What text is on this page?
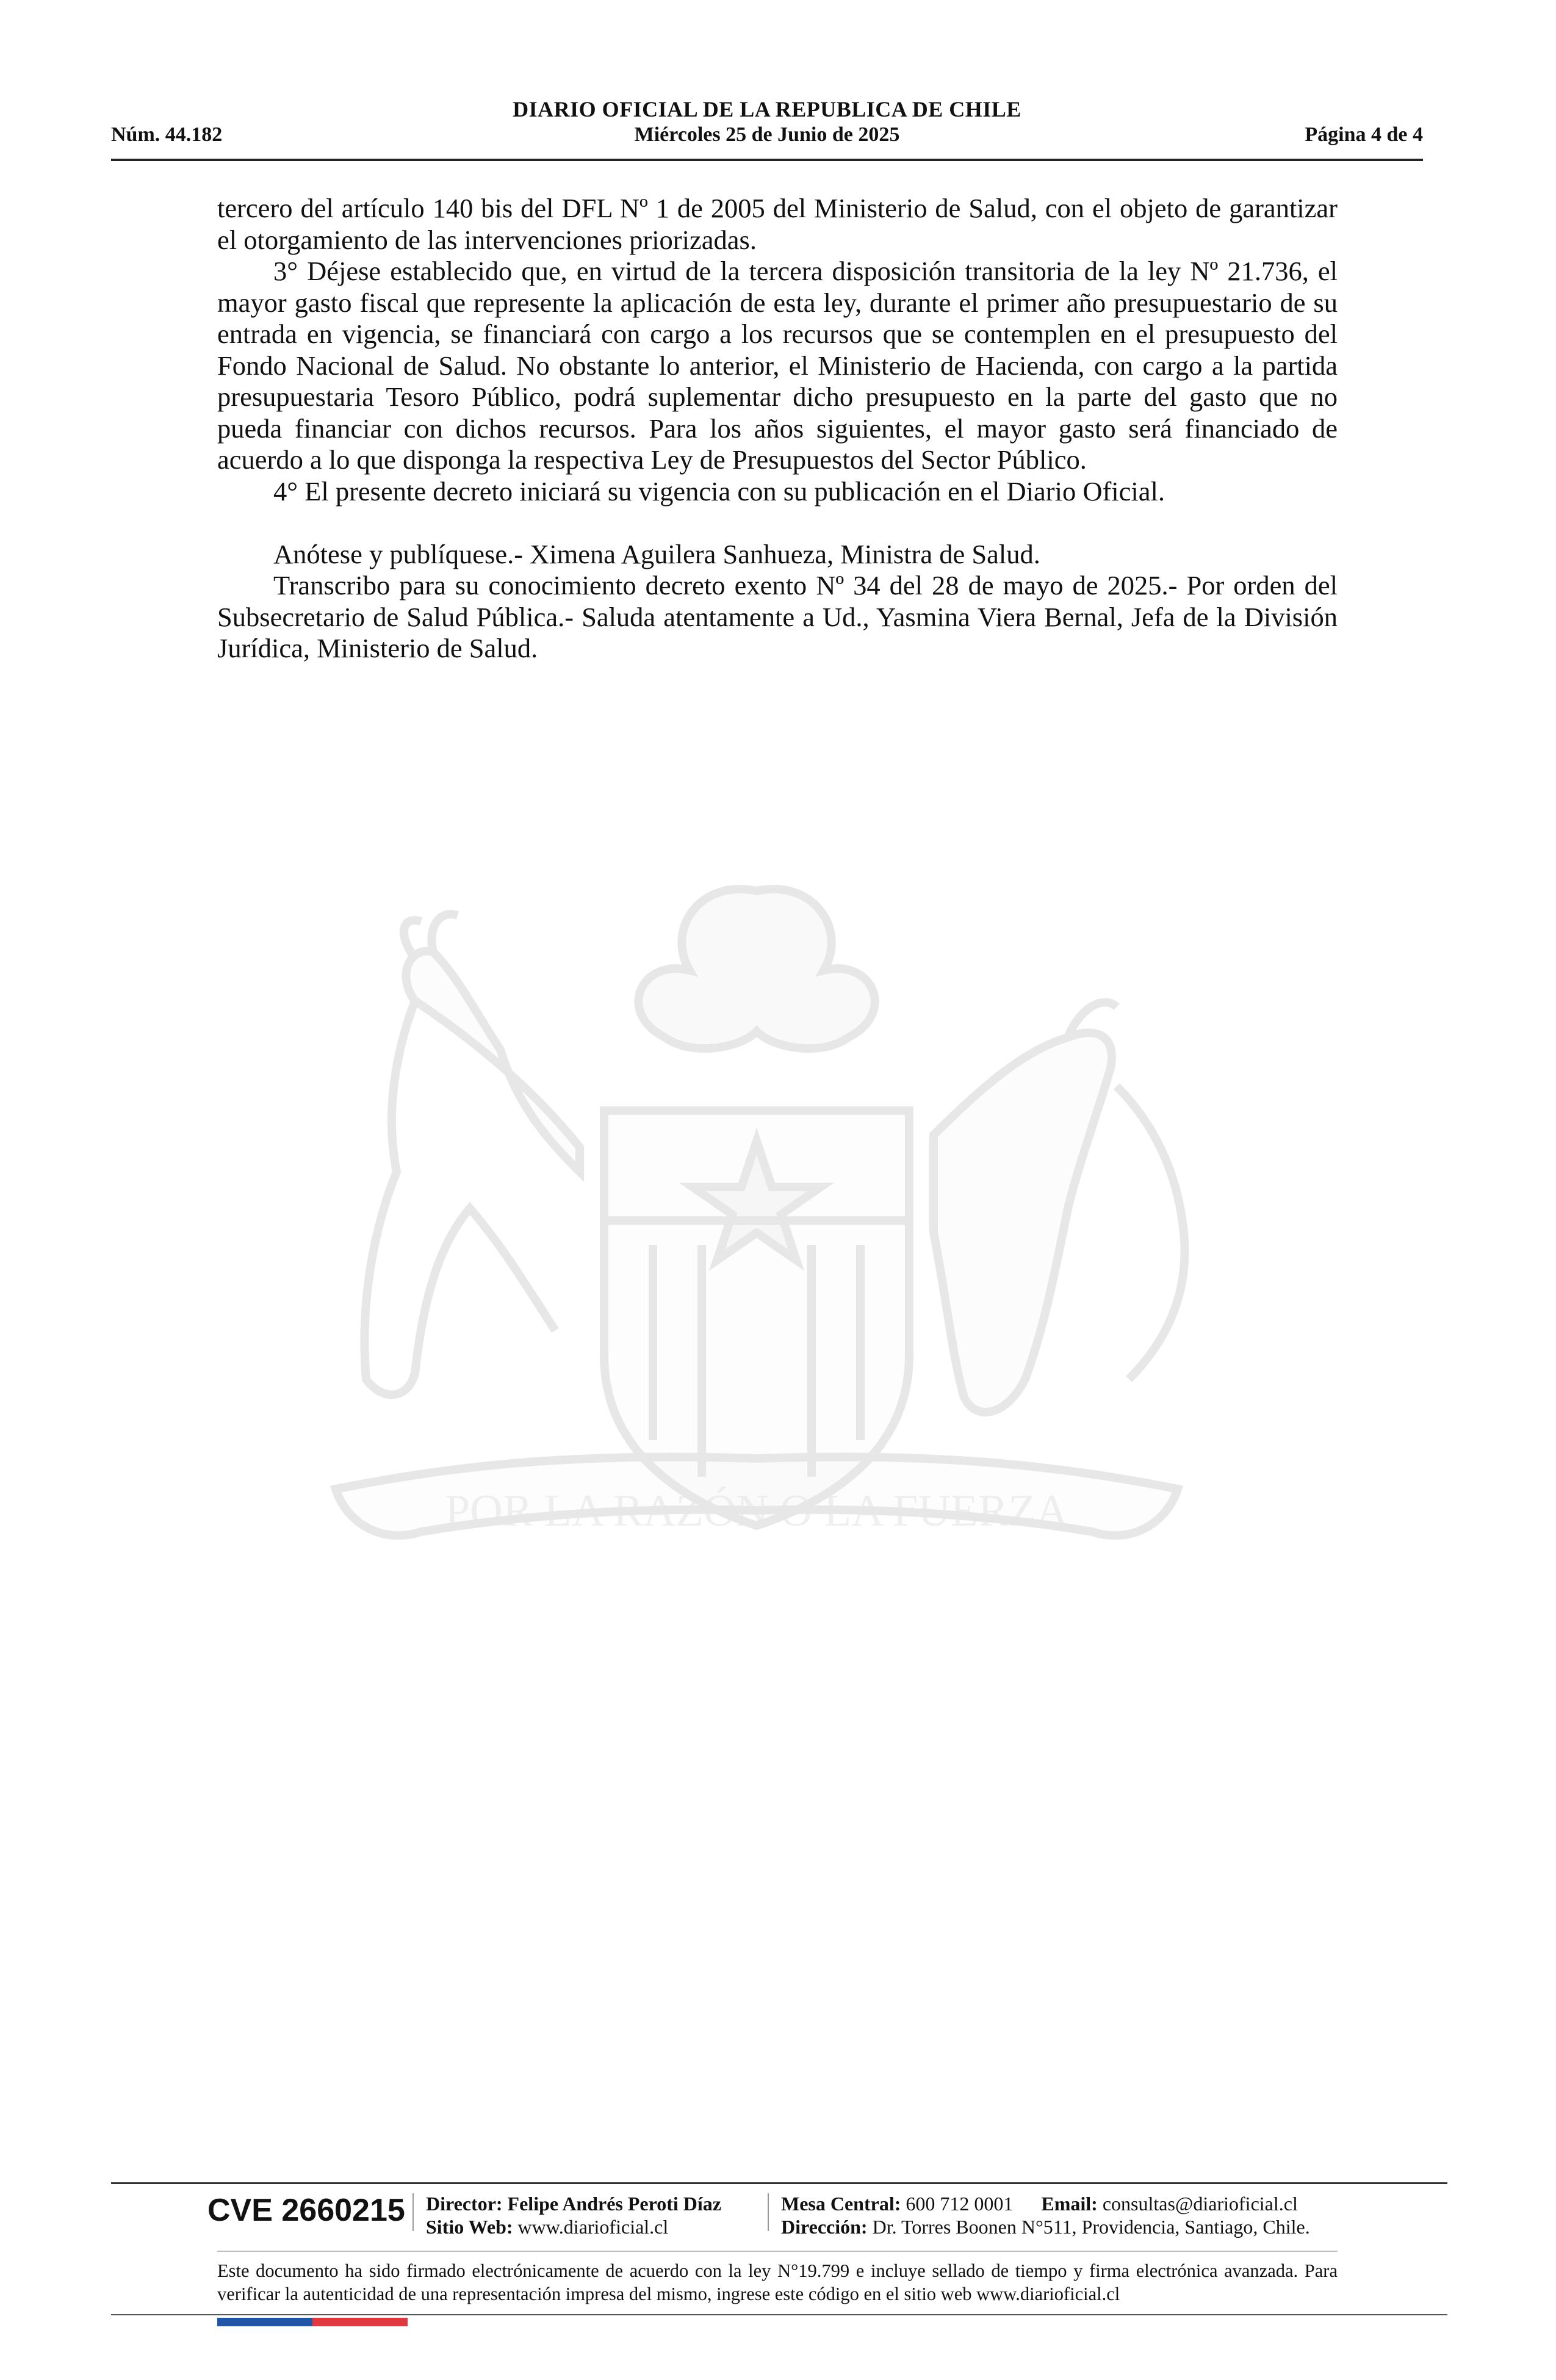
DIARIO OFICIAL DE LA REPUBLICA DE CHILE
Núm. 44.182	Miércoles 25 de Junio de 2025	Página 4 de 4
POR LA RAZÓN O LA FUERZA

tercero del artículo 140 bis del DFL Nº 1 de 2005 del Ministerio de Salud, con el objeto de garantizar el otorgamiento de las intervenciones priorizadas.

3° Déjese establecido que, en virtud de la tercera disposición transitoria de la ley Nº 21.736, el mayor gasto fiscal que represente la aplicación de esta ley, durante el primer año presupuestario de su entrada en vigencia, se financiará con cargo a los recursos que se contemplen en el presupuesto del Fondo Nacional de Salud. No obstante lo anterior, el Ministerio de Hacienda, con cargo a la partida presupuestaria Tesoro Público, podrá suplementar dicho presupuesto en la parte del gasto que no pueda financiar con dichos recursos. Para los años siguientes, el mayor gasto será financiado de acuerdo a lo que disponga la respectiva Ley de Presupuestos del Sector Público.

4° El presente decreto iniciará su vigencia con su publicación en el Diario Oficial.

Anótese y publíquese.- Ximena Aguilera Sanhueza, Ministra de Salud.

Transcribo para su conocimiento decreto exento Nº 34 del 28 de mayo de 2025.- Por orden del Subsecretario de Salud Pública.- Saluda atentamente a Ud., Yasmina Viera Bernal, Jefa de la División Jurídica, Ministerio de Salud.

CVE 2660215 Director: Felipe Andrés Peroti Díaz
Sitio Web: www.diarioficial.cl
Mesa Central: 600 712 0001 Email: consultas@diarioficial.cl
Dirección: Dr. Torres Boonen N°511, Providencia, Santiago, Chile.
Este documento ha sido firmado electrónicamente de acuerdo con la ley N°19.799 e incluye sellado de tiempo y firma electrónica avanzada. Para verificar la autenticidad de una representación impresa del mismo, ingrese este código en el sitio web www.diarioficial.cl
